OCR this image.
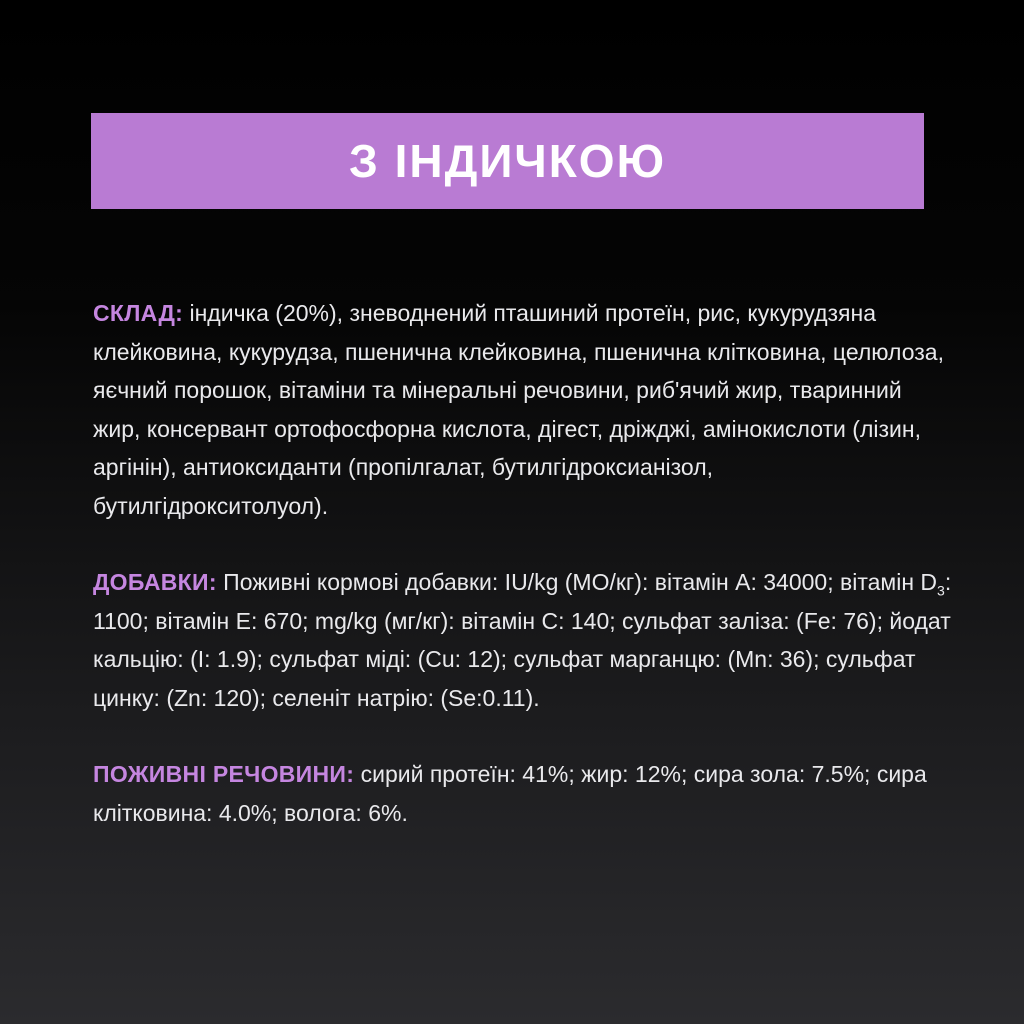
З ІНДИЧКОЮ

СКЛАД: індичка (20%), зневоднений пташиний протеїн, рис, кукурудзяна клейковина, кукурудза, пшенична клейковина, пшенична клітковина, целюлоза, яєчний порошок, вітаміни та мінеральні речовини, риб'ячий жир, тваринний жир, консервант ортофосфорна кислота, дігест, дріжджі, амінокислоти (лізин, аргінін), антиоксиданти (пропілгалат, бутилгідроксианізол, бутилгідрокситолуол).

ДОБАВКИ: Поживні кормові добавки: IU/kg (МО/кг): вітамін A: 34000; вітамін $D_3$: 1100; вітамін E: 670; mg/kg (мг/кг): вітамін C: 140; сульфат заліза: (Fe: 76); йодат кальцію: (I: 1.9); сульфат міді: (Cu: 12); сульфат марганцю: (Mn: 36); сульфат цинку: (Zn: 120); селеніт натрію: (Se:0.11).

ПОЖИВНІ РЕЧОВИНИ: сирий протеїн: 41%; жир: 12%; сира зола: 7.5%; сира клітковина: 4.0%; волога: 6%.
